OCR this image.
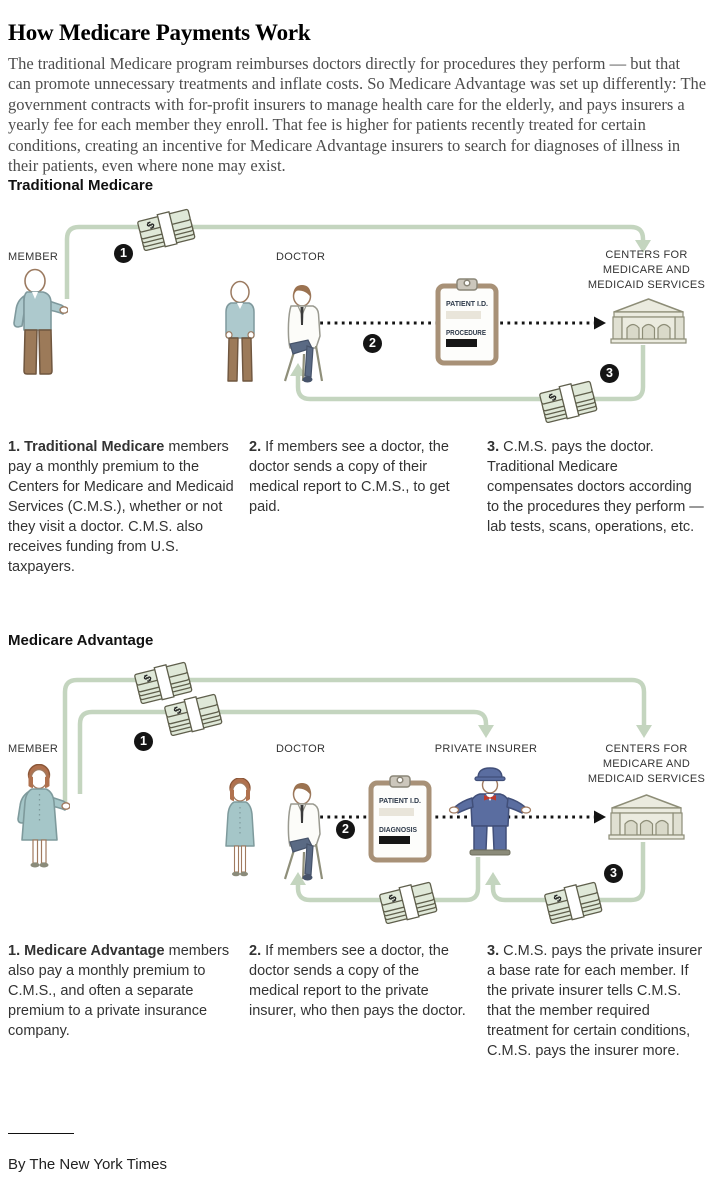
How Medicare Payments Work

The traditional Medicare program reimburses doctors directly for procedures they perform — but that can promote unnecessary treatments and inflate costs. So Medicare Advantage was set up differently: The government contracts with for-profit insurers to manage health care for the elderly, and pays insurers a yearly fee for each member they enroll. That fee is higher for patients recently treated for certain conditions, creating an incentive for Medicare Advantage insurers to search for diagnoses of illness in their patients, even where none may exist.

Traditional Medicare
MEMBER	DOCTOR	CENTERS FOR
MEDICARE AND
MEDICAID SERVICES
PATIENT I.D.
PROCEDURE
1
2
3
1. Traditional Medicare members pay a monthly premium to the Centers for Medicare and Medicaid Services (C.M.S.), whether or not they visit a doctor. C.M.S. also receives funding from U.S. taxpayers.
2. If members see a doctor, the doctor sends a copy of their medical report to C.M.S., to get paid.
3. C.M.S. pays the doctor. Traditional Medicare compensates doctors according to the procedures they perform — lab tests, scans, operations, etc.
Medicare Advantage
MEMBER	DOCTOR	PRIVATE INSURER	CENTERS FOR
MEDICARE AND
MEDICAID SERVICES
PATIENT I.D.
DIAGNOSIS
1
2
3
1. Medicare Advantage members also pay a monthly premium to C.M.S., and often a separate premium to a private insurance company.
2. If members see a doctor, the doctor sends a copy of the medical report to the private insurer, who then pays the doctor.
3. C.M.S. pays the private insurer a base rate for each member. If the private insurer tells C.M.S. that the member required treatment for certain conditions, C.M.S. pays the insurer more.
By The New York Times
